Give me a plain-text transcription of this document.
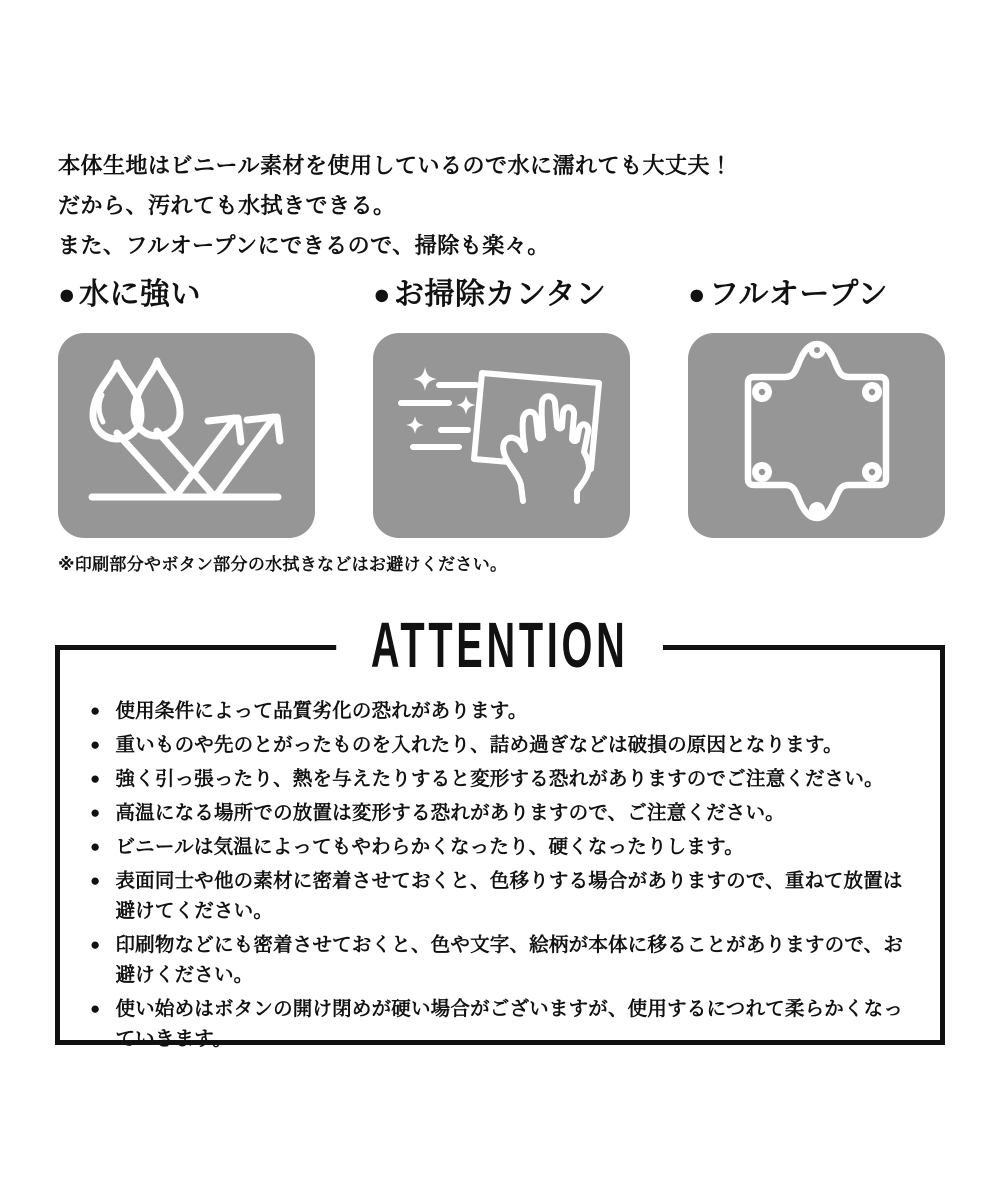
本体生地はビニール素材を使用しているので水に濡れても大丈夫！

だから、汚れても水拭きできる。

また、フルオープンにできるので、掃除も楽々。

● 水に強い	● お掃除カンタン	● フルオープン

※印刷部分やボタン部分の水拭きなどはお避けください。

ATTENTION
● 使用条件によって品質劣化の恐れがあります。
● 重いものや先のとがったものを入れたり、詰め過ぎなどは破損の原因となります。
● 強く引っ張ったり、熱を与えたりすると変形する恐れがありますのでご注意ください。
● 高温になる場所での放置は変形する恐れがありますので、ご注意ください。
● ビニールは気温によってもやわらかくなったり、硬くなったりします。
● 表面同士や他の素材に密着させておくと、色移りする場合がありますので、重ねて放置は避けてください。
● 印刷物などにも密着させておくと、色や文字、絵柄が本体に移ることがありますので、お避けください。
● 使い始めはボタンの開け閉めが硬い場合がございますが、使用するにつれて柔らかくなっていきます。
